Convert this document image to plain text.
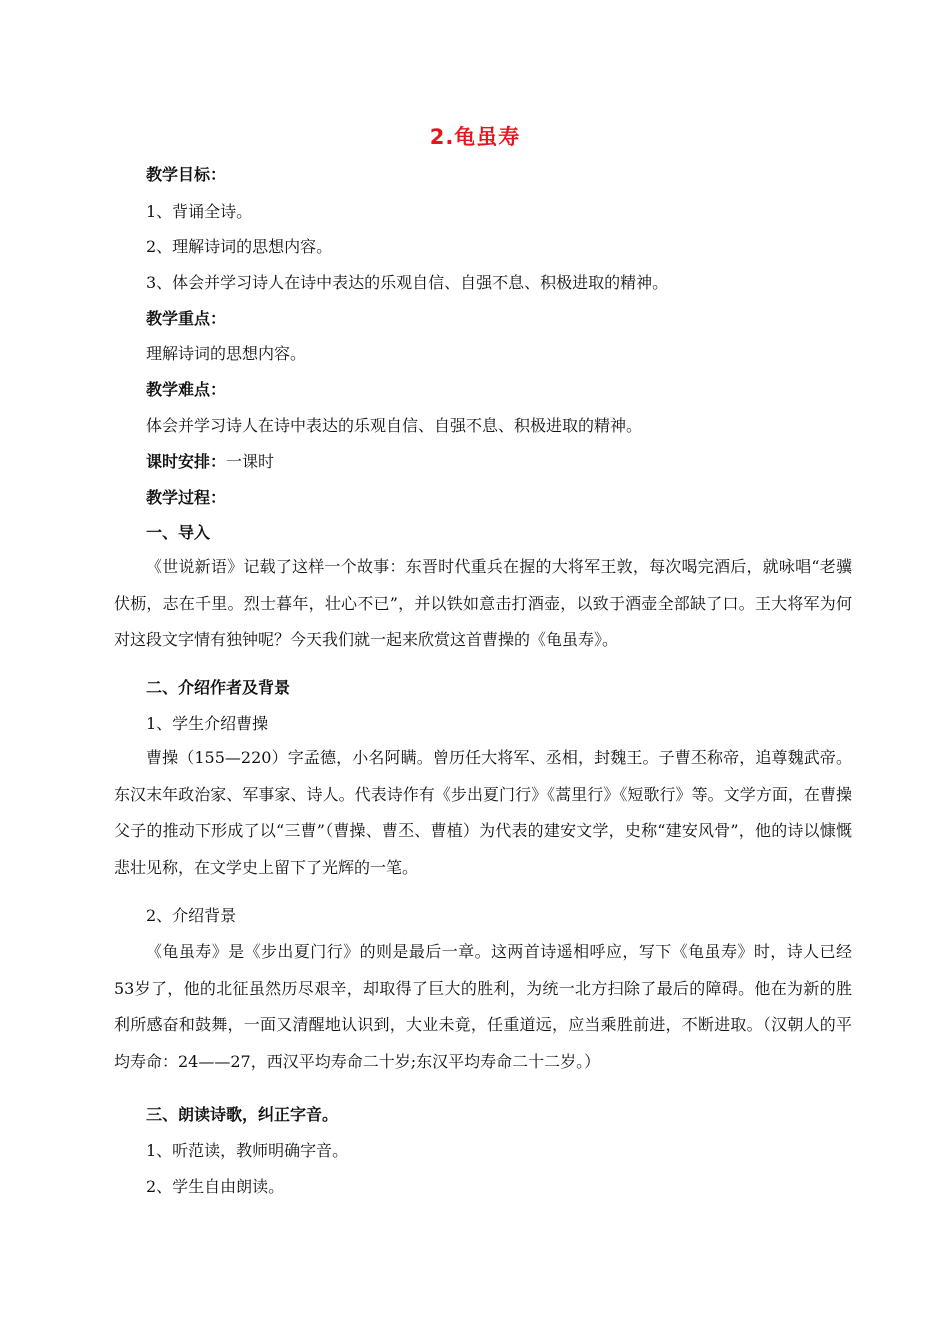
2.龟虽寿
教学目标：
1、背诵全诗。
2、理解诗词的思想内容。
3、体会并学习诗人在诗中表达的乐观自信、自强不息、积极进取的精神。
教学重点：
理解诗词的思想内容。
教学难点：
体会并学习诗人在诗中表达的乐观自信、自强不息、积极进取的精神。
课时安排：一课时
教学过程：
一、导入
《世说新语》记载了这样一个故事：东晋时代重兵在握的大将军王敦，每次喝完酒后，就咏唱“老骥伏枥，志在千里。烈士暮年，壮心不已”，并以铁如意击打酒壶，以致于酒壶全部缺了口。王大将军为何对这段文字情有独钟呢？今天我们就一起来欣赏这首曹操的《龟虽寿》。
二、介绍作者及背景
1、学生介绍曹操
曹操（155—220）字孟德，小名阿瞒。曾历任大将军、丞相，封魏王。子曹丕称帝，追尊魏武帝。东汉末年政治家、军事家、诗人。代表诗作有《步出夏门行》《蒿里行》《短歌行》等。文学方面，在曹操父子的推动下形成了以“三曹”（曹操、曹丕、曹植）为代表的建安文学，史称“建安风骨”，他的诗以慷慨悲壮见称，在文学史上留下了光辉的一笔。
2、介绍背景
《龟虽寿》是《步出夏门行》的则是最后一章。这两首诗遥相呼应，写下《龟虽寿》时，诗人已经53岁了，他的北征虽然历尽艰辛，却取得了巨大的胜利，为统一北方扫除了最后的障碍。他在为新的胜利所感奋和鼓舞，一面又清醒地认识到，大业未竟，任重道远，应当乘胜前进，不断进取。（汉朝人的平均寿命：24——27，西汉平均寿命二十岁;东汉平均寿命二十二岁。）
三、朗读诗歌，纠正字音。
1、听范读，教师明确字音。
2、学生自由朗读。
